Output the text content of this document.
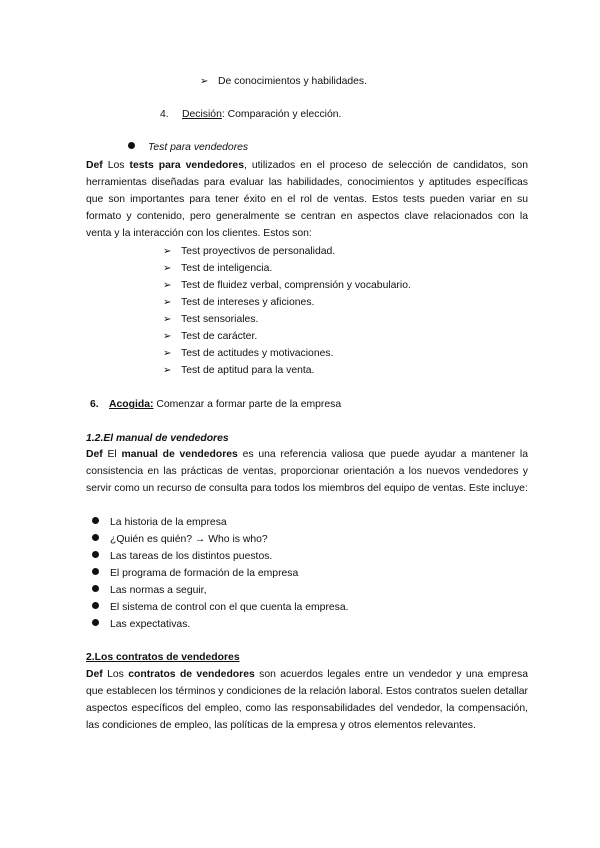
➢ De conocimientos y habilidades.
4. Decisión: Comparación y elección.
Test para vendedores
Def Los tests para vendedores, utilizados en el proceso de selección de candidatos, son herramientas diseñadas para evaluar las habilidades, conocimientos y aptitudes específicas que son importantes para tener éxito en el rol de ventas. Estos tests pueden variar en su formato y contenido, pero generalmente se centran en aspectos clave relacionados con la venta y la interacción con los clientes. Estos son:
➢ Test proyectivos de personalidad.
➢ Test de inteligencia.
➢ Test de fluidez verbal, comprensión y vocabulario.
➢ Test de intereses y aficiones.
➢ Test sensoriales.
➢ Test de carácter.
➢ Test de actitudes y motivaciones.
➢ Test de aptitud para la venta.
6. Acogida: Comenzar a formar parte de la empresa
1.2.El manual de vendedores
Def El manual de vendedores es una referencia valiosa que puede ayudar a mantener la consistencia en las prácticas de ventas, proporcionar orientación a los nuevos vendedores y servir como un recurso de consulta para todos los miembros del equipo de ventas. Este incluye:
La historia de la empresa
¿Quién es quién? → Who is who?
Las tareas de los distintos puestos.
El programa de formación de la empresa
Las normas a seguir,
El sistema de control con el que cuenta la empresa.
Las expectativas.
2.Los contratos de vendedores
Def Los contratos de vendedores son acuerdos legales entre un vendedor y una empresa que establecen los términos y condiciones de la relación laboral. Estos contratos suelen detallar aspectos específicos del empleo, como las responsabilidades del vendedor, la compensación, las condiciones de empleo, las políticas de la empresa y otros elementos relevantes.
